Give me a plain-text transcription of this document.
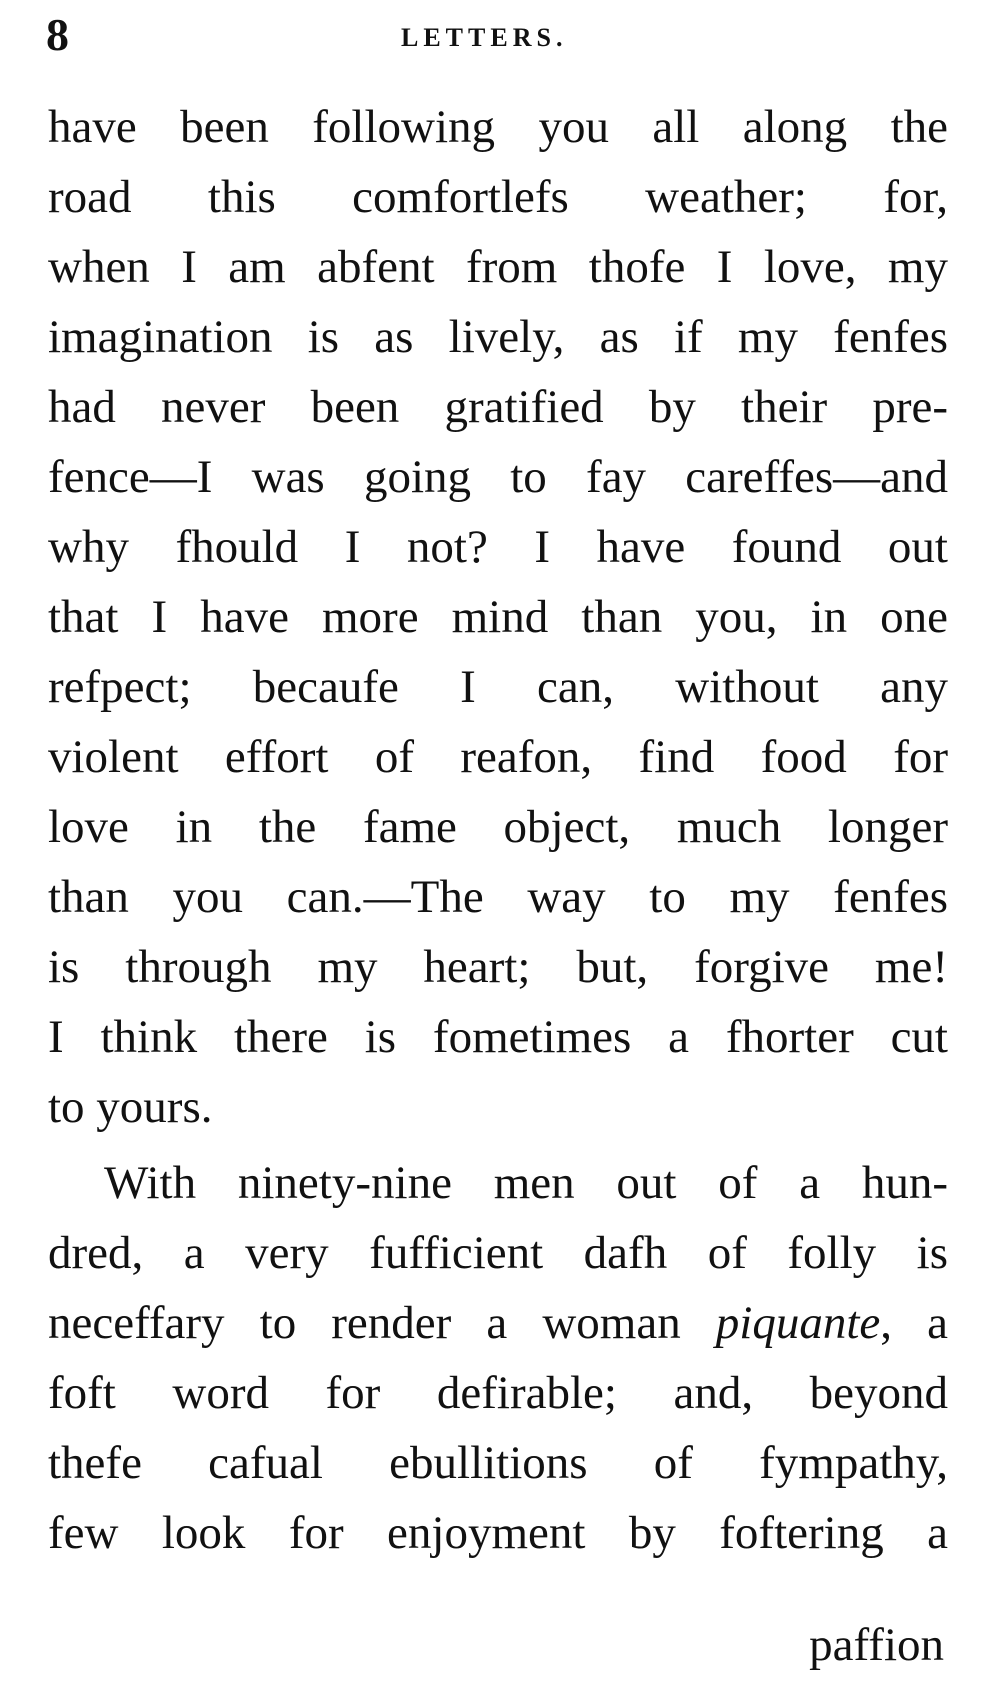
8	LETTERS.
have been following you all along the
road this comfortlefs weather; for,
when I am abfent from thofe I love, my
imagination is as lively, as if my fenfes
had never been gratified by their pre-
fence—I was going to fay careffes—and
why fhould I not? I have found out
that I have more mind than you, in one
refpect; becaufe I can, without any
violent effort of reafon, find food for
love in the fame object, much longer
than you can.—The way to my fenfes
is through my heart; but, forgive me!
I think there is fometimes a fhorter cut
to yours.
With ninety-nine men out of a hun-
dred, a very fufficient dafh of folly is
neceffary to render a woman piquante, a
foft word for defirable; and, beyond
thefe cafual ebullitions of fympathy,
few look for enjoyment by foftering a
paffion
